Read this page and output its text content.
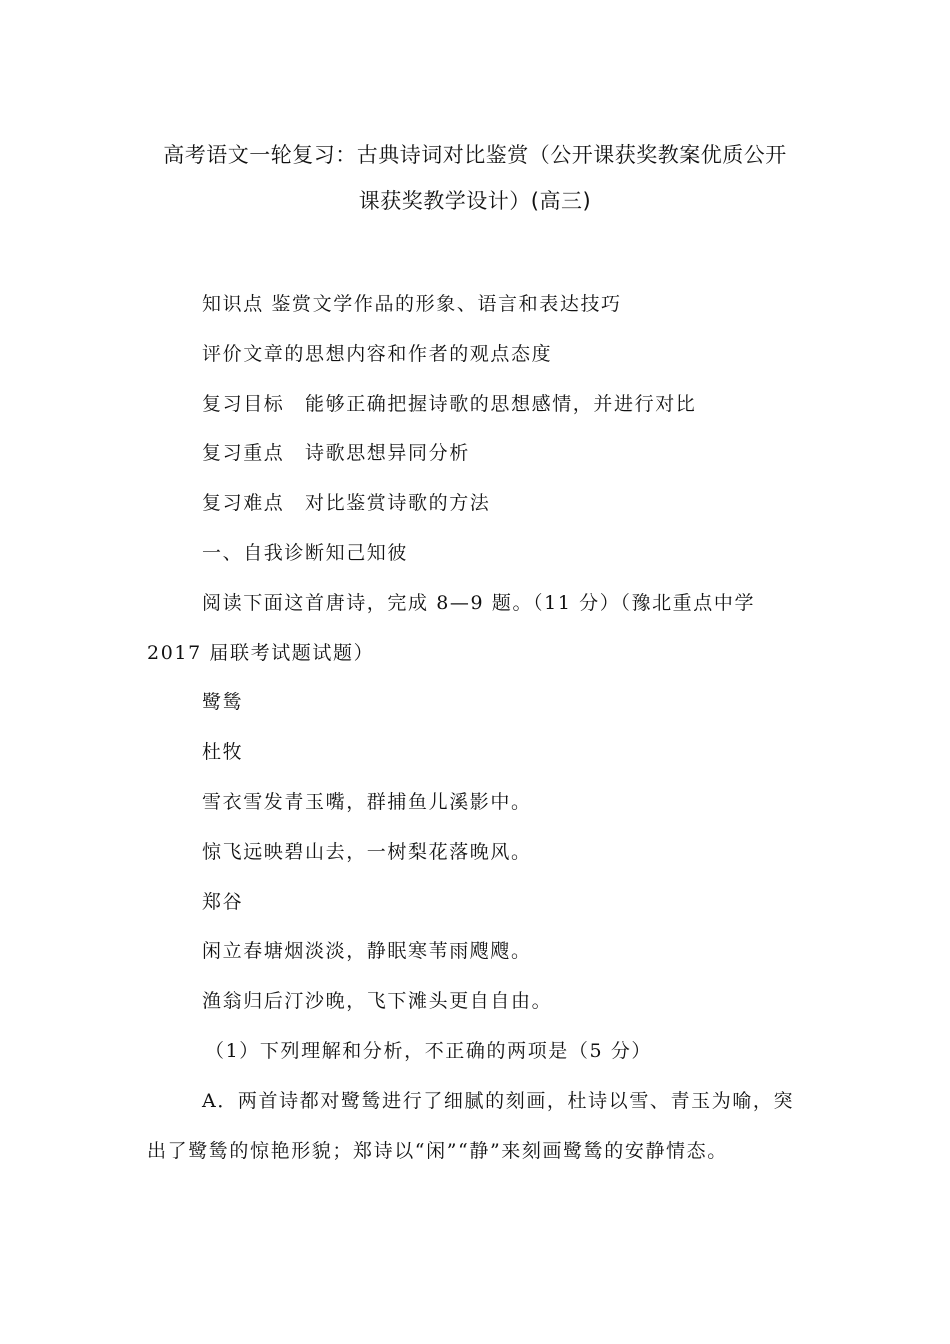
高考语文一轮复习：古典诗词对比鉴赏（公开课获奖教案优质公开
课获奖教学设计）(高三)

知识点 鉴赏文学作品的形象、语言和表达技巧

评价文章的思想内容和作者的观点态度

复习目标　能够正确把握诗歌的思想感情，并进行对比

复习重点　诗歌思想异同分析

复习难点　对比鉴赏诗歌的方法

一、自我诊断知己知彼

阅读下面这首唐诗，完成 8—9 题。（11 分）（豫北重点中学

2017 届联考试题试题）

鹭鸶

杜牧

雪衣雪发青玉嘴，群捕鱼儿溪影中。

惊飞远映碧山去，一树梨花落晚风。

郑谷

闲立春塘烟淡淡，静眠寒苇雨飕飕。

渔翁归后汀沙晚，飞下滩头更自自由。

（1）下列理解和分析，不正确的两项是（5 分）

A．两首诗都对鹭鸶进行了细腻的刻画，杜诗以雪、青玉为喻，突出了鹭鸶的惊艳形貌；郑诗以“闲”“静”来刻画鹭鸶的安静情态。
